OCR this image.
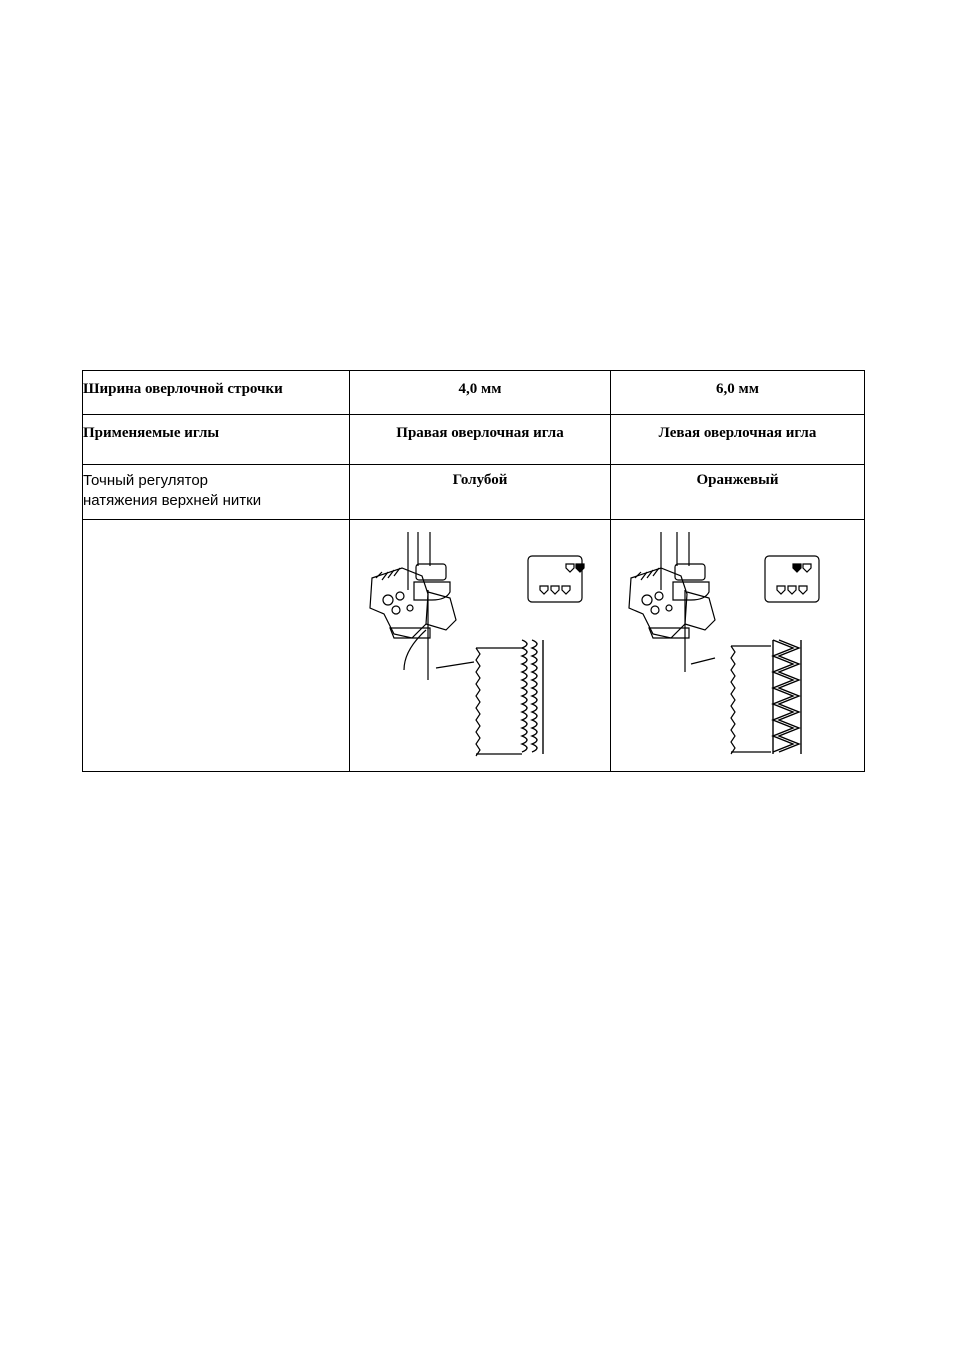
Ширина оверлочной строчки	4,0 мм	6,0 мм
Применяемые иглы	Правая оверлочная игла	Левая оверлочная игла

Точный регулятор
натяжения верхней нитки	Голубой	Оранжевый
